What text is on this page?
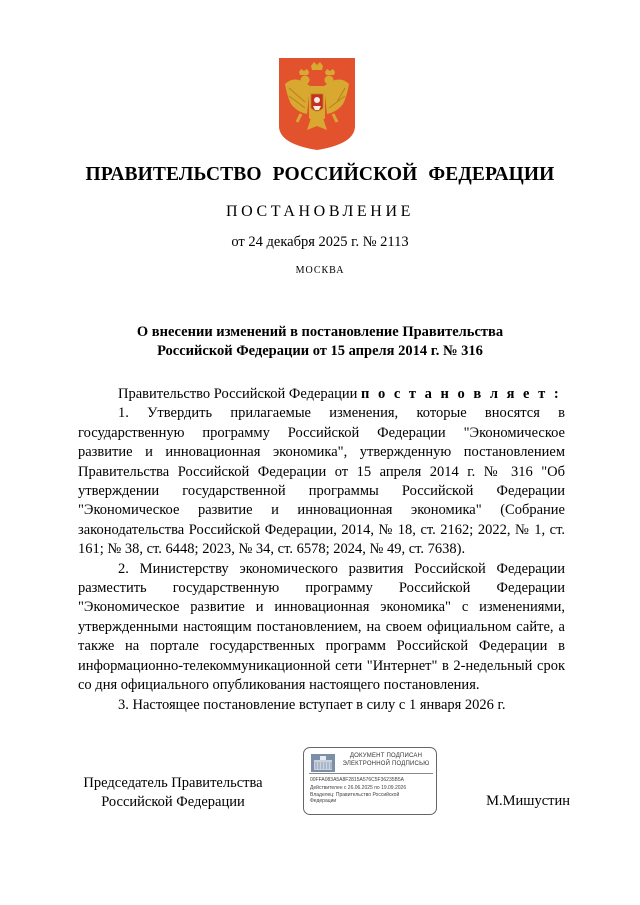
ПРАВИТЕЛЬСТВО РОССИЙСКОЙ ФЕДЕРАЦИИ
ПОСТАНОВЛЕНИЕ
от 24 декабря 2025 г. № 2113
МОСКВА
О внесении изменений в постановление Правительства
Российской Федерации от 15 апреля 2014 г. № 316

Правительство Российской Федерации п о с т а н о в л я е т :

1. Утвердить прилагаемые изменения, которые вносятся в государственную программу Российской Федерации "Экономическое развитие и инновационная экономика", утвержденную постановлением Правительства Российской Федерации от 15 апреля 2014 г. № 316 "Об утверждении государственной программы Российской Федерации "Экономическое развитие и инновационная экономика" (Собрание законодательства Российской Федерации, 2014, № 18, ст. 2162; 2022, № 1, ст. 161; № 38, ст. 6448; 2023, № 34, ст. 6578; 2024, № 49, ст. 7638).

2. Министерству экономического развития Российской Федерации разместить государственную программу Российской Федерации "Экономическое развитие и инновационная экономика" с изменениями, утвержденными настоящим постановлением, на своем официальном сайте, а также на портале государственных программ Российской Федерации в информационно-телекоммуникационной сети "Интернет" в 2-недельный срок со дня официального опубликования настоящего постановления.

3. Настоящее постановление вступает в силу с 1 января 2026 г.

Председатель Правительства
Российской Федерации
ДОКУМЕНТ ПОДПИСАН
ЭЛЕКТРОННОЙ ПОДПИСЬЮ
00FFA083A5A8F2815A576C5F36235B5A
Действителен с 26.06.2025 по 19.09.2026
Владелец: Правительство Российской
Федерации	М.Мишустин
